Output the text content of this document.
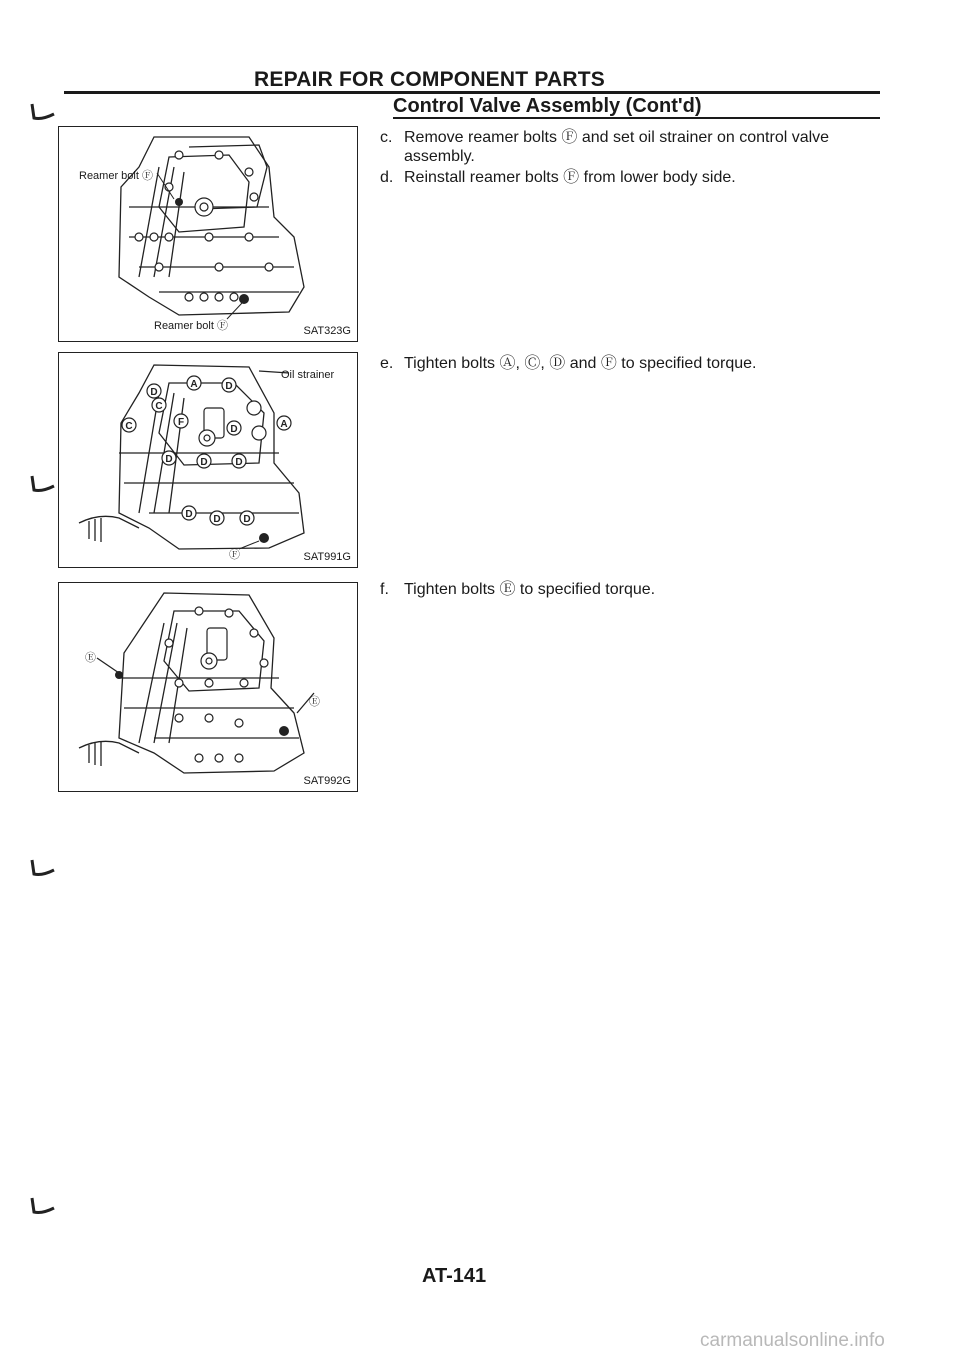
REPAIR FOR COMPONENT PARTS
Control Valve Assembly (Cont'd)
Reamer bolt Ⓕ
Reamer bolt Ⓕ	SAT323G
A	D
C
D
C	F
D	A
D	D	D
D D D
Oil strainer
Ⓕ	SAT991G
Ⓔ
Ⓔ
SAT992G
c. Remove reamer bolts Ⓕ and set oil strainer on control valve assembly.
d. Reinstall reamer bolts Ⓕ from lower body side.
e. Tighten bolts Ⓐ, Ⓒ, Ⓓ and Ⓕ to specified torque.
f. Tighten bolts Ⓔ to specified torque.
AT-141
carmanualsonline.info
